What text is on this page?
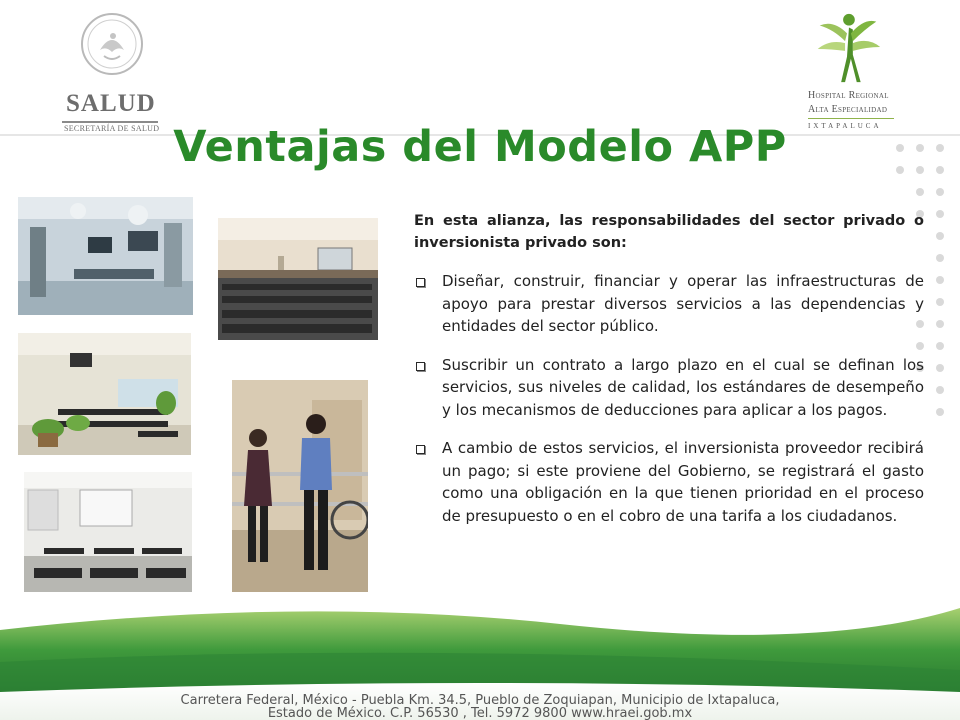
SALUD
SECRETARÍA DE SALUD
Hospital Regional
Alta Especialidad
IXTAPALUCA
Ventajas del Modelo APP

En esta alianza, las responsabilidades del sector privado o inversionista privado son:

Diseñar, construir, financiar y operar las infraestructuras de apoyo para prestar diversos servicios a las dependencias y entidades del sector público.
Suscribir un contrato a largo plazo en el cual se definan los servicios, sus niveles de calidad, los estándares de desempeño y los mecanismos de deducciones para aplicar a los pagos.
A cambio de estos servicios, el inversionista proveedor recibirá un pago; si este proviene del Gobierno, se registrará el gasto como una obligación en la que tienen prioridad en el proceso de presupuesto o en el cobro de una tarifa a los ciudadanos.
Carretera Federal, México - Puebla Km. 34.5, Pueblo de Zoquiapan, Municipio de Ixtapaluca,
Estado de México. C.P. 56530 , Tel. 5972 9800 www.hraei.gob.mx
